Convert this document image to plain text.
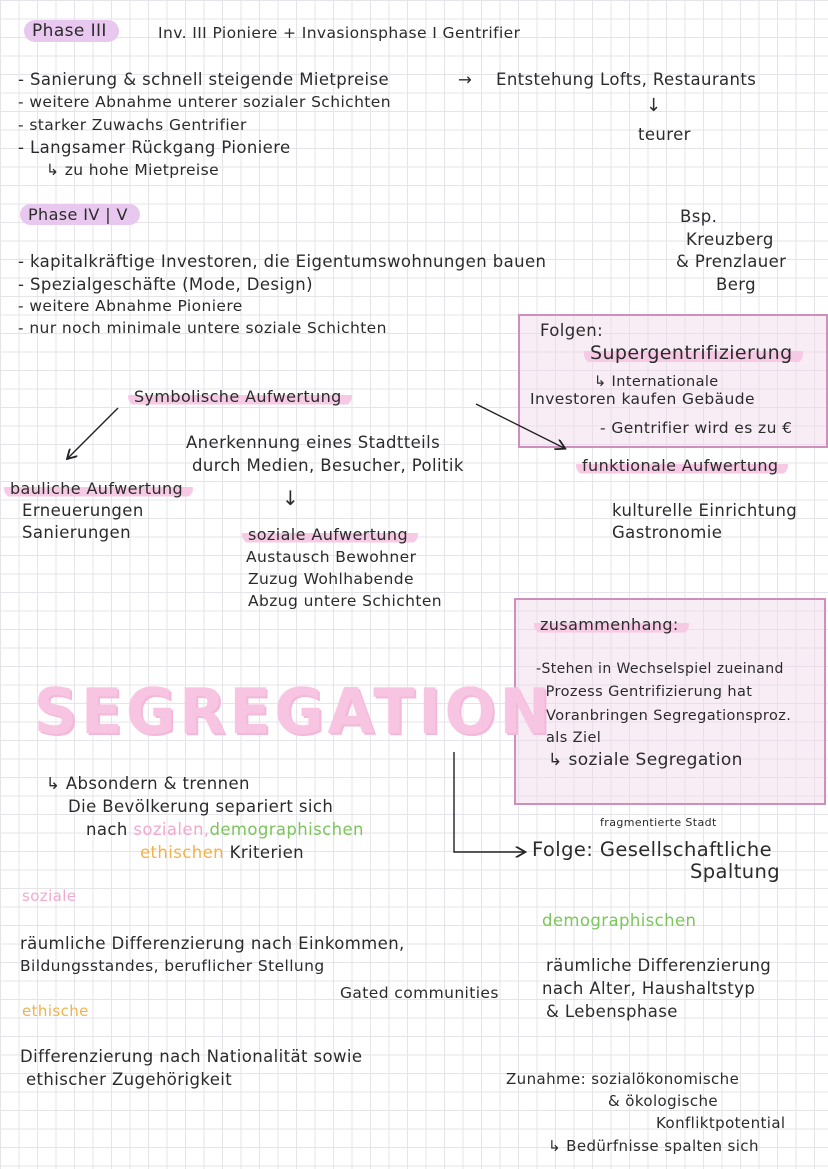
Phase III	Inv. III Pioniere + Invasionsphase I Gentrifier
- Sanierung & schnell steigende Mietpreise	→ Entstehung Lofts, Restaurants
- weitere Abnahme unterer sozialer Schichten	↓
- starker Zuwachs Gentrifier	teurer
- Langsamer Rückgang Pioniere
↳ zu hohe Mietpreise
Phase IV | V	Bsp.
Kreuzberg
- kapitalkräftige Investoren, die Eigentumswohnungen bauen	& Prenzlauer
- Spezialgeschäfte (Mode, Design)	Berg
- weitere Abnahme Pioniere
- nur noch minimale untere soziale Schichten	Folgen:
Supergentrifizierung
↳ Internationale
Investoren kaufen Gebäude
- Gentrifier wird es zu €
Symbolische Aufwertung
Anerkennung eines Stadtteils
durch Medien, Besucher, Politik	funktionale Aufwertung
bauliche Aufwertung	↓
Erneuerungen	kulturelle Einrichtung
Sanierungen	Gastronomie
soziale Aufwertung
Austausch Bewohner
Zuzug Wohlhabende
Abzug untere Schichten
zusammenhang:
-Stehen in Wechselspiel zueinand
-Prozess Gentrifizierung hat
Voranbringen Segregationsproz.
als Ziel
↳ soziale Segregation
SEGREGATION
↳ Absondern & trennen
Die Bevölkerung separiert sich
nach sozialen,demographischen
ethischen Kriterien
fragmentierte Stadt
Folge: Gesellschaftliche
Spaltung
soziale
demographischen
räumliche Differenzierung nach Einkommen,
räumliche Differenzierung
Bildungsstandes, beruflicher Stellung
nach Alter, Haushaltstyp
Gated communities
ethische	& Lebensphase
Differenzierung nach Nationalität sowie
ethischer Zugehörigkeit	Zunahme: sozialökonomische
& ökologische
Konfliktpotential
↳ Bedürfnisse spalten sich
